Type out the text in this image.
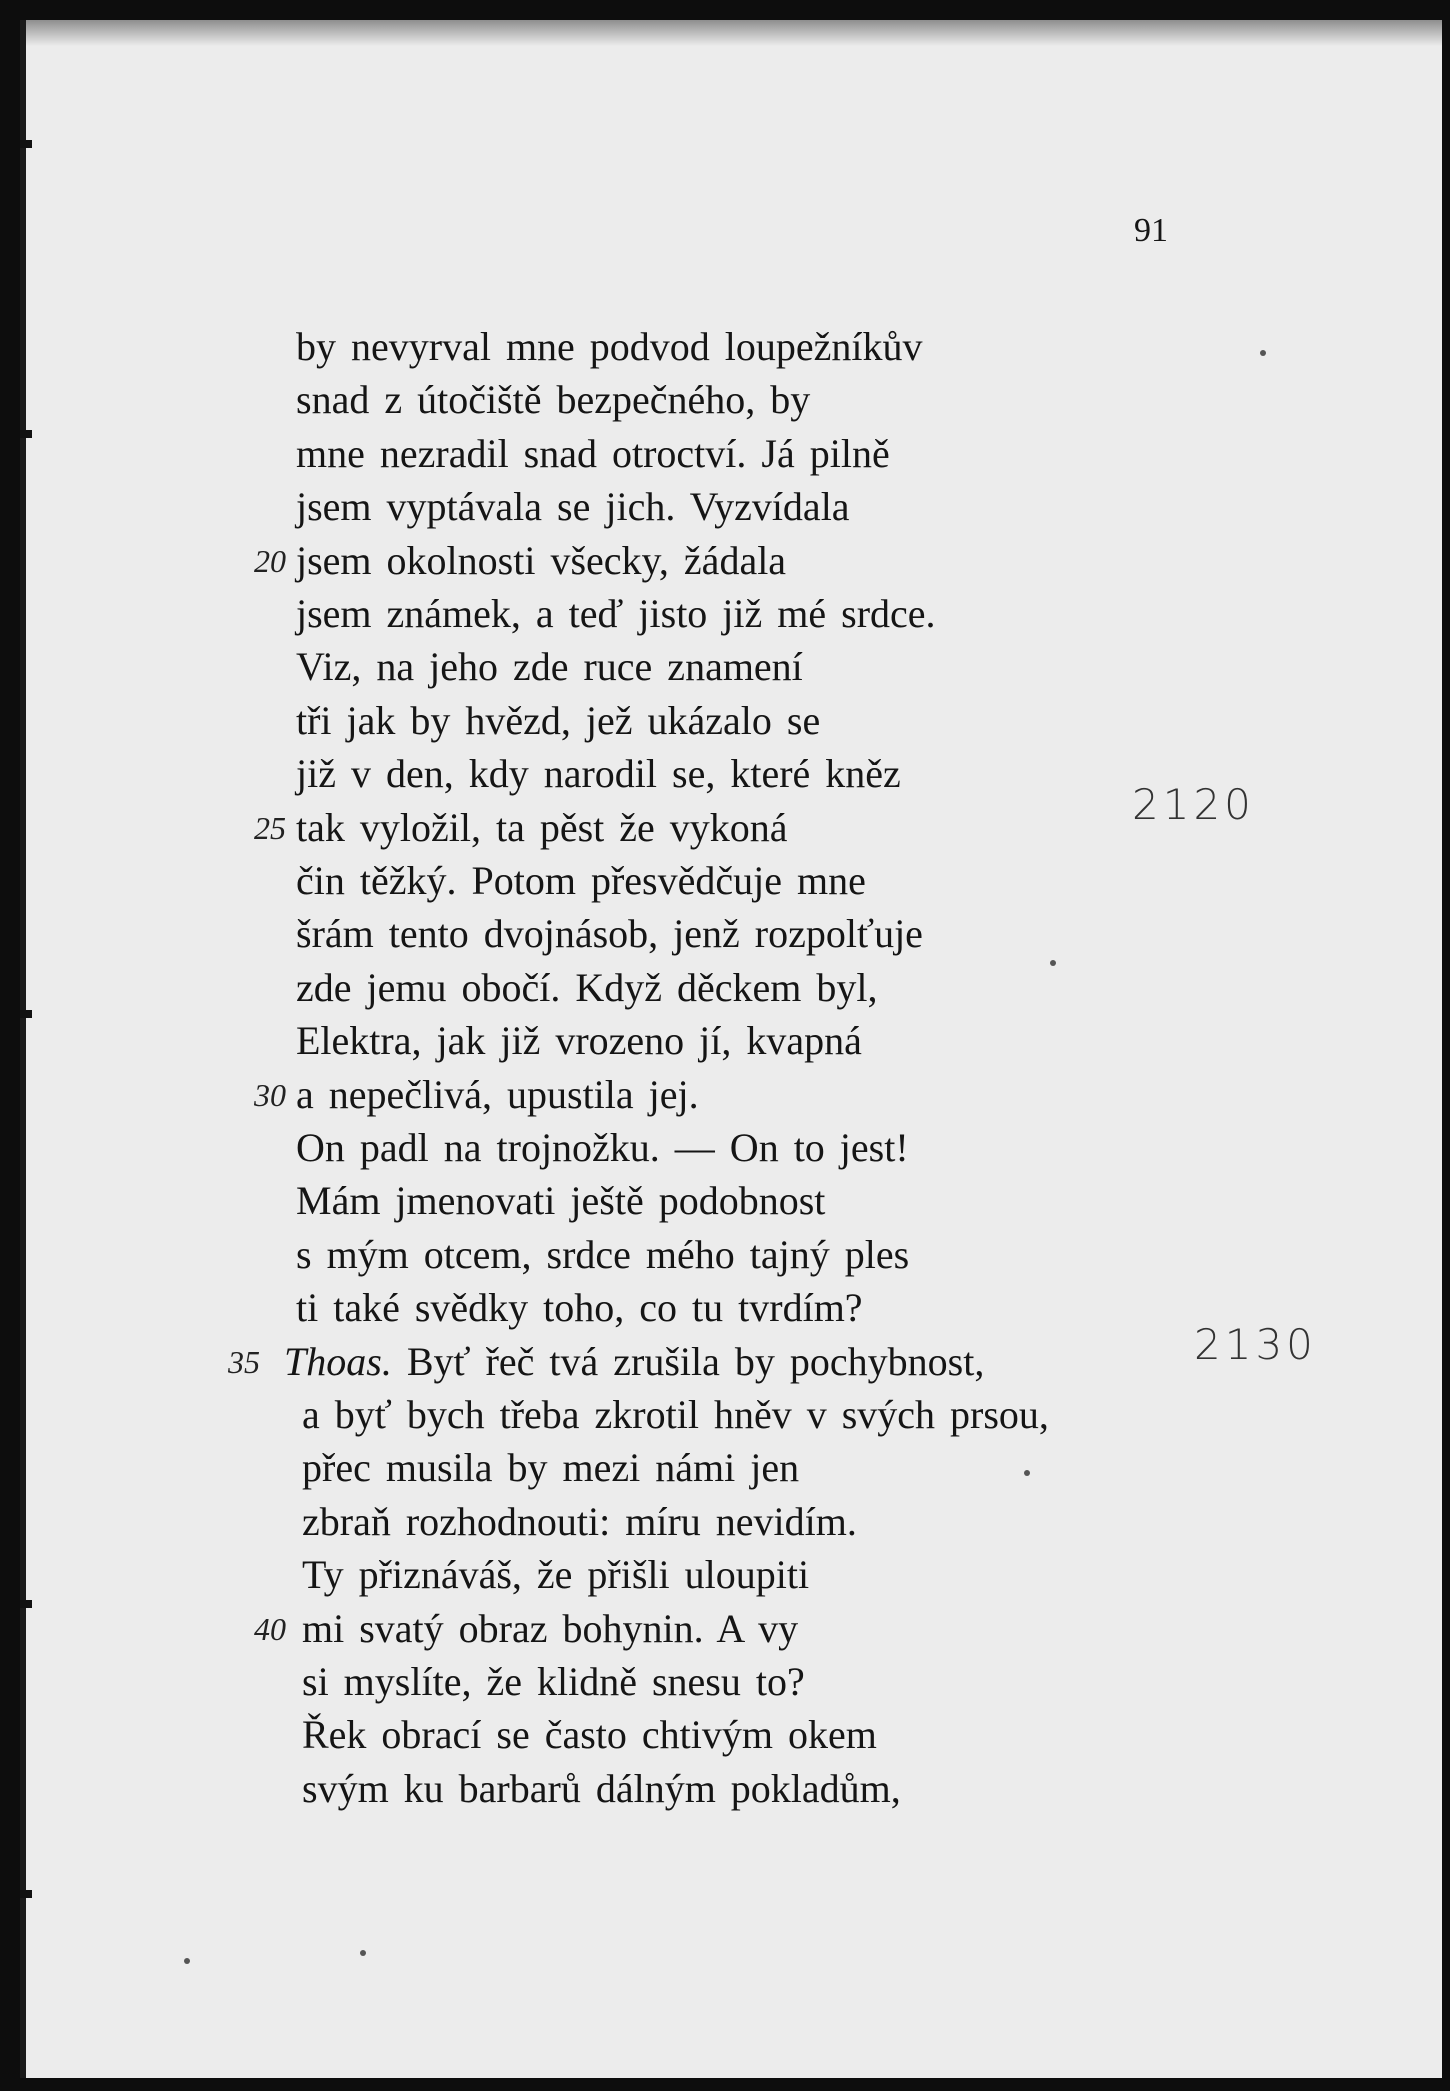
91
by nevyrval mne podvod loupežníkův
snad z útočiště bezpečného, by
mne nezradil snad otroctví. Já pilně
jsem vyptávala se jich. Vyzvídala
jsem okolnosti všecky, žádala
20
jsem známek, a teď jisto již mé srdce.
Viz, na jeho zde ruce znamení
tři jak by hvězd, jež ukázalo se
již v den, kdy narodil se, které kněz
tak vyložil, ta pěst že vykoná
25
čin těžký. Potom přesvědčuje mne
šrám tento dvojnásob, jenž rozpolťuje
zde jemu obočí. Když děckem byl,
Elektra, jak již vrozeno jí, kvapná
a nepečlivá, upustila jej.
30
On padl na trojnožku. — On to jest!
Mám jmenovati ještě podobnost
s mým otcem, srdce mého tajný ples
ti také svědky toho, co tu tvrdím?
Thoas. Byť řeč tvá zrušila by pochybnost,
35
a byť bych třeba zkrotil hněv v svých prsou,
přec musila by mezi námi jen
zbraň rozhodnouti: míru nevidím.
Ty přiznáváš, že přišli uloupiti
mi svatý obraz bohynin. A vy
40
si myslíte, že klidně snesu to?
Řek obrací se často chtivým okem
svým ku barbarů dálným pokladům,
2120
2130
